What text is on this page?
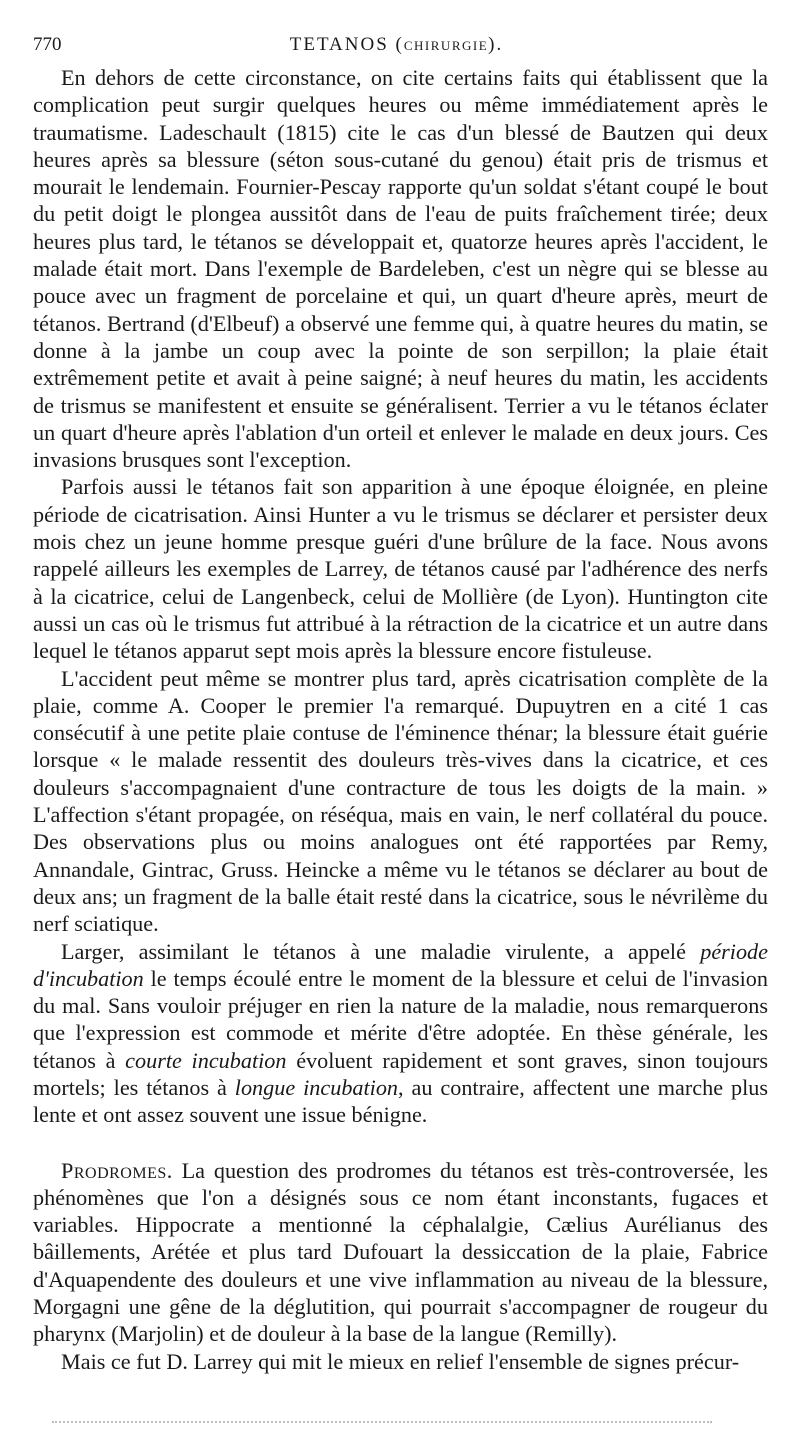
770	TETANOS (CHIRURGIE).

En dehors de cette circonstance, on cite certains faits qui établissent que la complication peut surgir quelques heures ou même immédiatement après le traumatisme. Ladeschault (1815) cite le cas d'un blessé de Bautzen qui deux heures après sa blessure (séton sous-cutané du genou) était pris de trismus et mourait le lendemain. Fournier-Pescay rapporte qu'un soldat s'étant coupé le bout du petit doigt le plongea aussitôt dans de l'eau de puits fraîchement tirée; deux heures plus tard, le tétanos se développait et, quatorze heures après l'accident, le malade était mort. Dans l'exemple de Bardeleben, c'est un nègre qui se blesse au pouce avec un fragment de porcelaine et qui, un quart d'heure après, meurt de tétanos. Bertrand (d'Elbeuf) a observé une femme qui, à quatre heures du matin, se donne à la jambe un coup avec la pointe de son serpillon; la plaie était extrêmement petite et avait à peine saigné; à neuf heures du matin, les accidents de trismus se manifestent et ensuite se généralisent. Terrier a vu le tétanos éclater un quart d'heure après l'ablation d'un orteil et enlever le malade en deux jours. Ces invasions brusques sont l'exception.

Parfois aussi le tétanos fait son apparition à une époque éloignée, en pleine période de cicatrisation. Ainsi Hunter a vu le trismus se déclarer et persister deux mois chez un jeune homme presque guéri d'une brûlure de la face. Nous avons rappelé ailleurs les exemples de Larrey, de tétanos causé par l'adhérence des nerfs à la cicatrice, celui de Langenbeck, celui de Mollière (de Lyon). Huntington cite aussi un cas où le trismus fut attribué à la rétraction de la cicatrice et un autre dans lequel le tétanos apparut sept mois après la blessure encore fistuleuse.

L'accident peut même se montrer plus tard, après cicatrisation complète de la plaie, comme A. Cooper le premier l'a remarqué. Dupuytren en a cité 1 cas consécutif à une petite plaie contuse de l'éminence thénar; la blessure était guérie lorsque « le malade ressentit des douleurs très-vives dans la cicatrice, et ces douleurs s'accompagnaient d'une contracture de tous les doigts de la main. » L'affection s'étant propagée, on réséqua, mais en vain, le nerf collatéral du pouce. Des observations plus ou moins analogues ont été rapportées par Remy, Annandale, Gintrac, Gruss. Heincke a même vu le tétanos se déclarer au bout de deux ans; un fragment de la balle était resté dans la cicatrice, sous le névrilème du nerf sciatique.

Larger, assimilant le tétanos à une maladie virulente, a appelé période d'incubation le temps écoulé entre le moment de la blessure et celui de l'invasion du mal. Sans vouloir préjuger en rien la nature de la maladie, nous remarquerons que l'expression est commode et mérite d'être adoptée. En thèse générale, les tétanos à courte incubation évoluent rapidement et sont graves, sinon toujours mortels; les tétanos à longue incubation, au contraire, affectent une marche plus lente et ont assez souvent une issue bénigne.

Prodromes. La question des prodromes du tétanos est très-controversée, les phénomènes que l'on a désignés sous ce nom étant inconstants, fugaces et variables. Hippocrate a mentionné la céphalalgie, Cælius Aurélianus des bâillements, Arétée et plus tard Dufouart la dessiccation de la plaie, Fabrice d'Aquapendente des douleurs et une vive inflammation au niveau de la blessure, Morgagni une gêne de la déglutition, qui pourrait s'accompagner de rougeur du pharynx (Marjolin) et de douleur à la base de la langue (Remilly).

Mais ce fut D. Larrey qui mit le mieux en relief l'ensemble de signes précur-
